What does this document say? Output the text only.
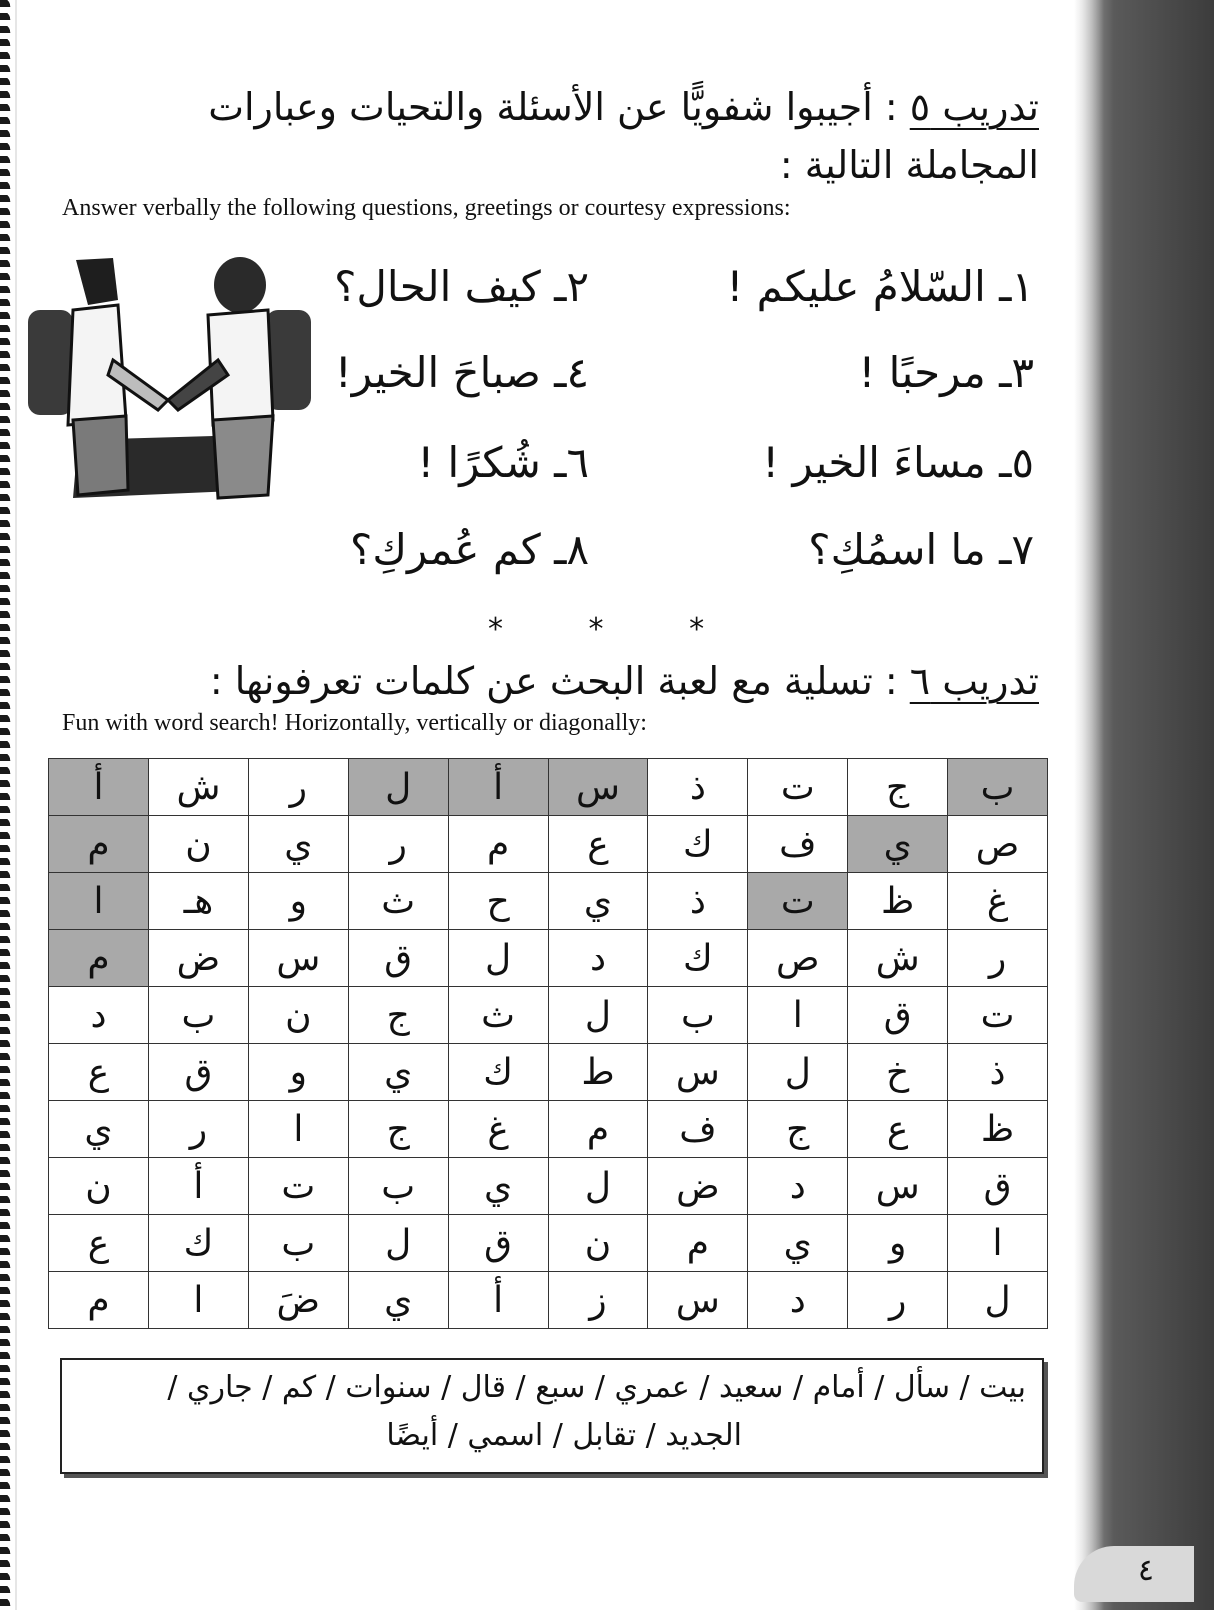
٤
تدريب ٥ : أجيبوا شفويًّا عن الأسئلة والتحيات وعبارات
المجاملة التالية :
Answer verbally the following questions, greetings or courtesy expressions:
١ـ السّلامُ عليكم !
٣ـ مرحبًا !
٥ـ مساءَ الخير !
٧ـ ما اسمُكِ؟
٢ـ كيف الحال؟
٤ـ صباحَ الخير!
٦ـ شُكرًا !
٨ـ كم عُمركِ؟
* * *
تدريب ٦ : تسلية مع لعبة البحث عن كلمات تعرفونها :
Fun with word search! Horizontally, vertically or diagonally:
ب	ج	ت	ذ	س	أ	ل	ر	ش	أ
ص	ي	ف	ك	ع	م	ر	ي	ن	م
غ	ظ	ت	ذ	ي	ح	ث	و	هـ	ا
ر	ش	ص	ك	د	ل	ق	س	ض	م
ت	ق	ا	ب	ل	ث	ج	ن	ب	د
ذ	خ	ل	س	ط	ك	ي	و	ق	ع
ظ	ع	ج	ف	م	غ	ج	ا	ر	ي
ق	س	د	ض	ل	ي	ب	ت	أ	ن
ا	و	ي	م	ن	ق	ل	ب	ك	ع
ل	ر	د	س	ز	أ	ي	ضَ	ا	م
بيت / سأل / أمام / سعيد / عمري / سبع / قال / سنوات / كم / جاري /
الجديد / تقابل / اسمي / أيضًا
